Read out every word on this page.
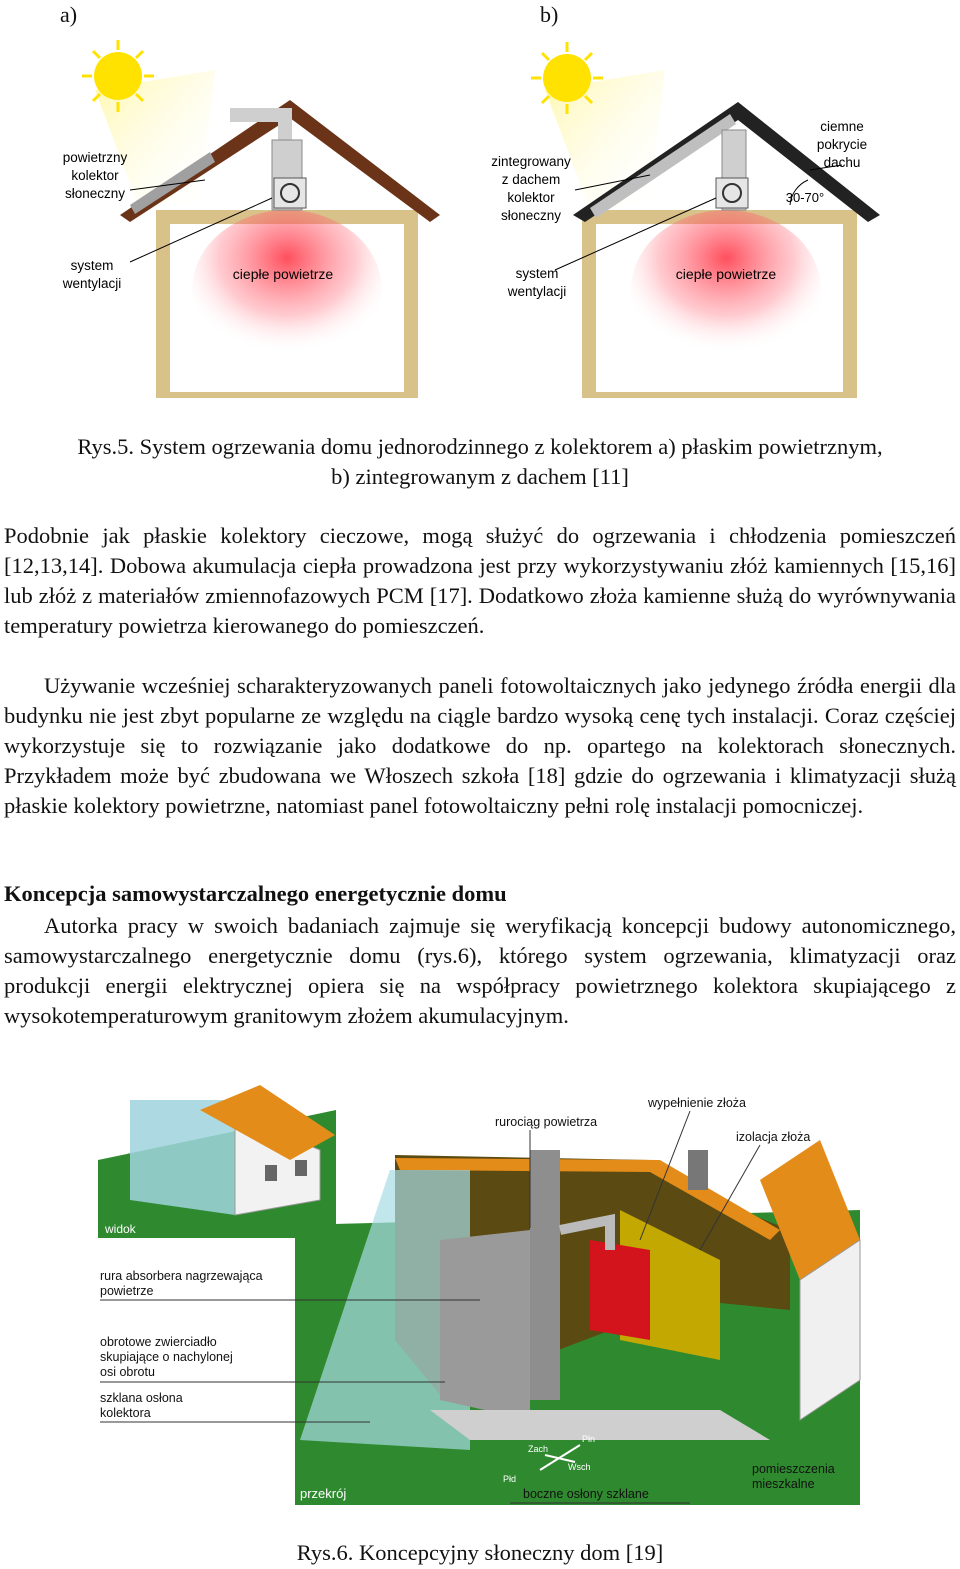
a)	b)
powietrzny kolektor słoneczny
system wentylacji
ciepłe powietrze
zintegrowany z dachem kolektor słoneczny
ciemne pokrycie dachu
30-70°
system wentylacji
ciepłe powietrze
Rys.5. System ogrzewania domu jednorodzinnego z kolektorem a) płaskim powietrznym,
b) zintegrowanym z dachem [11]

Podobnie jak płaskie kolektory cieczowe, mogą służyć do ogrzewania i chłodzenia pomieszczeń [12,13,14]. Dobowa akumulacja ciepła prowadzona jest przy wykorzystywaniu złóż kamiennych [15,16] lub złóż z materiałów zmiennofazowych PCM [17]. Dodatkowo złoża kamienne służą do wyrównywania temperatury powietrza kierowanego do pomieszczeń.

Używanie wcześniej scharakteryzowanych paneli fotowoltaicznych jako jedynego źródła energii dla budynku nie jest zbyt popularne ze względu na ciągle bardzo wysoką cenę tych instalacji. Coraz częściej wykorzystuje się to rozwiązanie jako dodatkowe do np. opartego na kolektorach słonecznych. Przykładem może być zbudowana we Włoszech szkoła [18] gdzie do ogrzewania i klimatyzacji służą płaskie kolektory powietrzne, natomiast panel fotowoltaiczny pełni rolę instalacji pomocniczej.

Koncepcja samowystarczalnego energetycznie domu

Autorka pracy w swoich badaniach zajmuje się weryfikacją koncepcji budowy autonomicznego, samowystarczalnego energetycznie domu (rys.6), którego system ogrzewania, klimatyzacji oraz produkcji energii elektrycznej opiera się na współpracy powietrznego kolektora skupiającego z wysokotemperaturowym granitowym złożem akumulacyjnym.

widok
Płn
Wsch
Zach
Płd
przekrój
rurociąg powietrza
wypełnienie złoża
izolacja złoża
rura absorbera nagrzewająca powietrze
obrotowe zwierciadło skupiające o nachylonej osi obrotu
szklana osłona kolektora
boczne osłony szklane
pomieszczenia mieszkalne
Rys.6. Koncepcyjny słoneczny dom [19]
